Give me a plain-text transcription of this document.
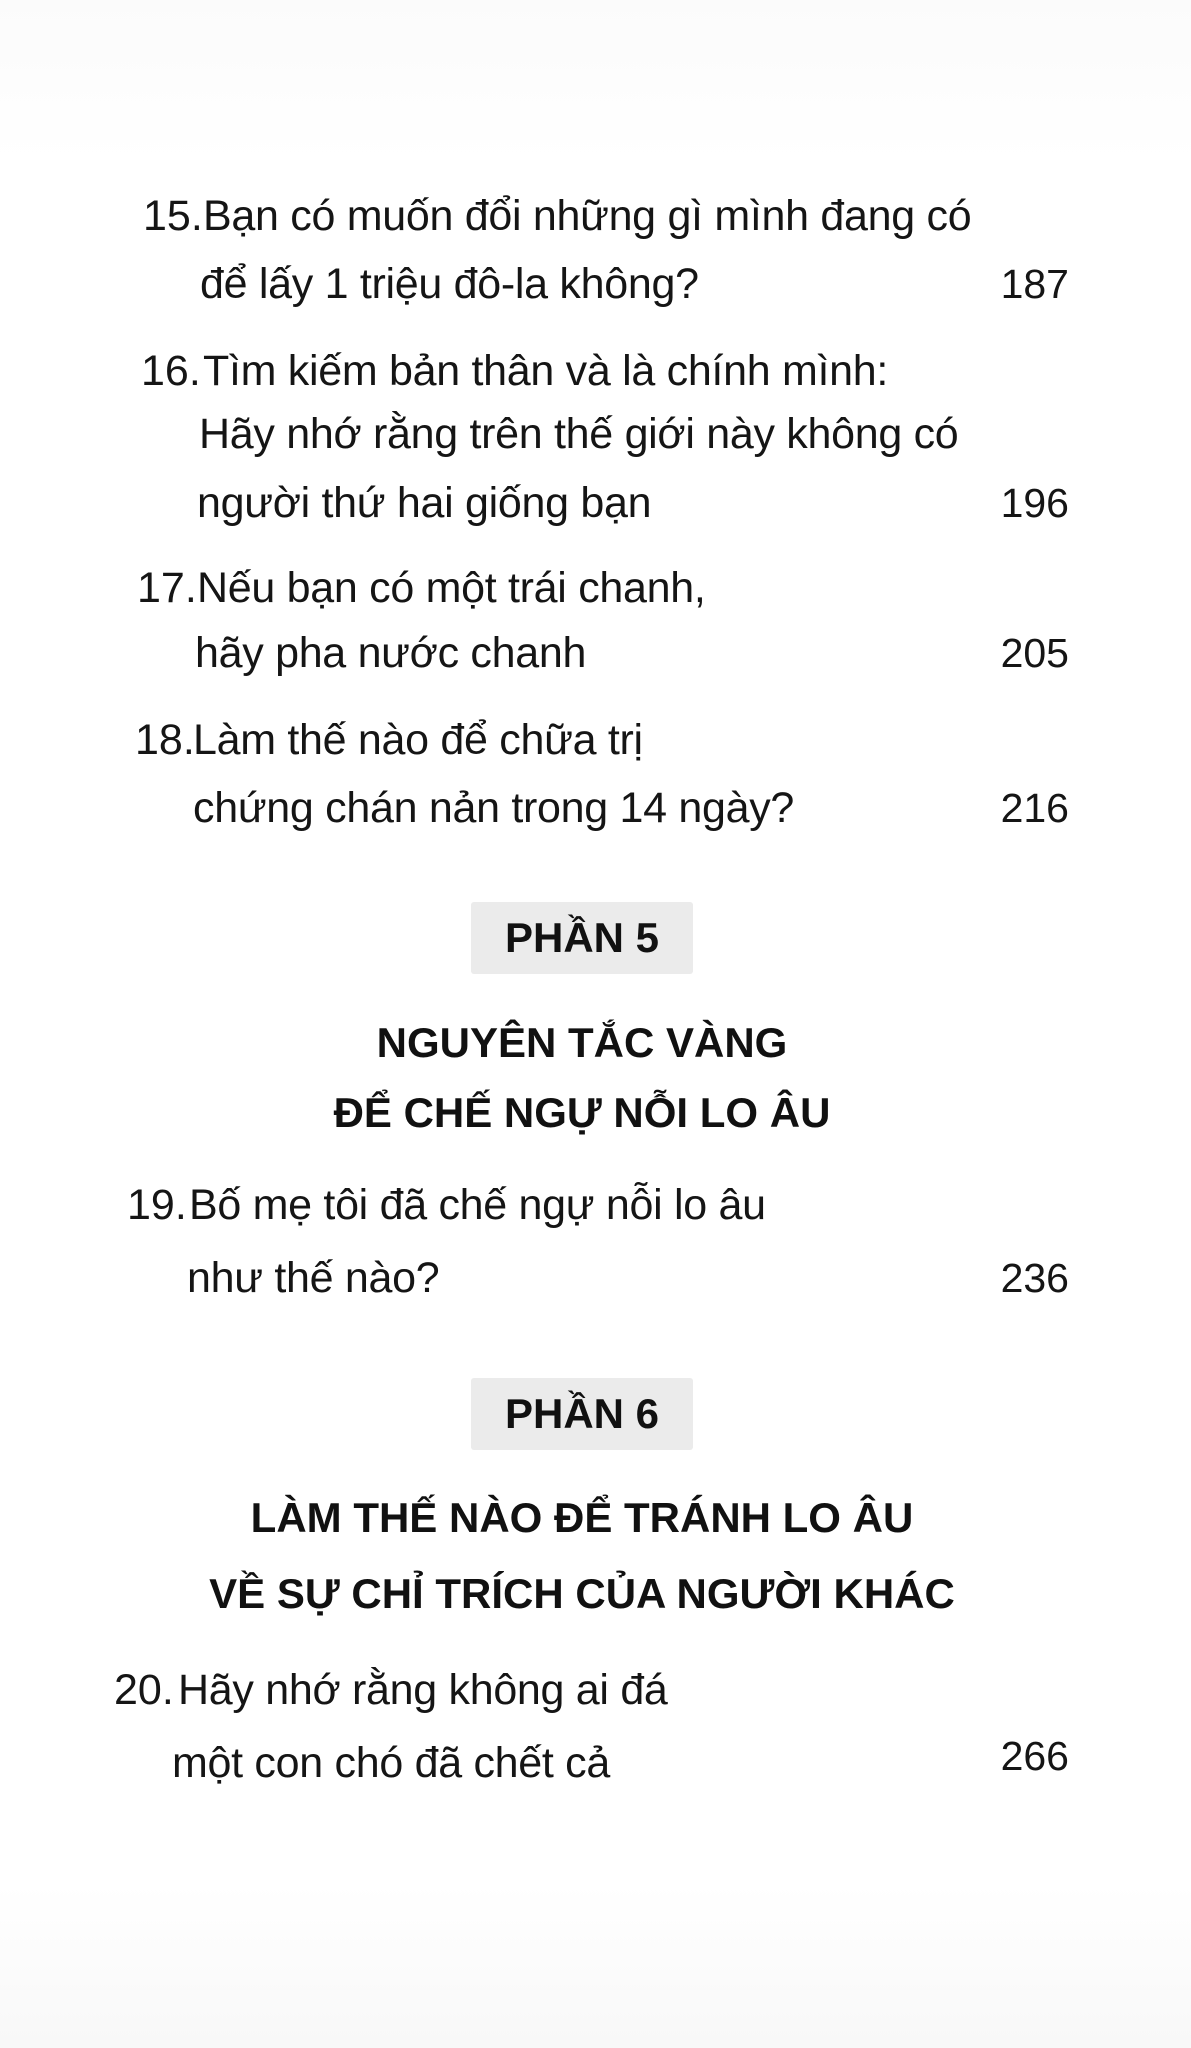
15. Bạn có muốn đổi những gì mình đang có
để lấy 1 triệu đô-la không?	187
16. Tìm kiếm bản thân và là chính mình:
Hãy nhớ rằng trên thế giới này không có
người thứ hai giống bạn	196
17. Nếu bạn có một trái chanh,
hãy pha nước chanh	205
18.
Làm thế nào để chữa trị
chứng chán nản trong 14 ngày?	216
PHẦN 5
NGUYÊN TẮC VÀNG
ĐỂ CHẾ NGỰ NỖI LO ÂU
19. Bố mẹ tôi đã chế ngự nỗi lo âu
như thế nào?	236
PHẦN 6
LÀM THẾ NÀO ĐỂ TRÁNH LO ÂU
VỀ SỰ CHỈ TRÍCH CỦA NGƯỜI KHÁC
20. Hãy nhớ rằng không ai đá
một con chó đã chết cả	266
